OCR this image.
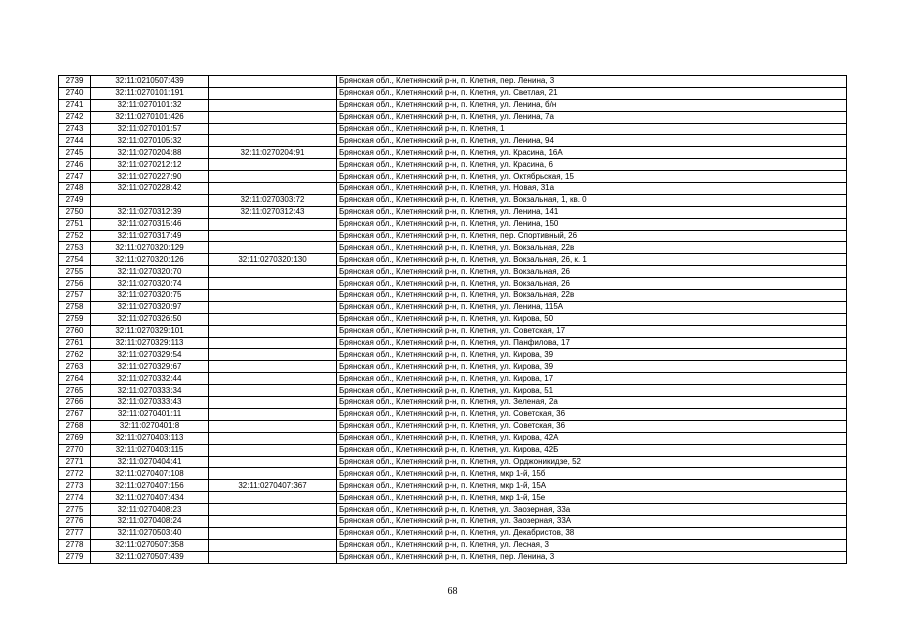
2739	32:11:0210507:439		Брянская обл., Клетнянский р-н, п. Клетня, пер. Ленина, 3
2740	32:11:0270101:191		Брянская обл., Клетнянский р-н, п. Клетня, ул. Светлая, 21
2741	32:11:0270101:32		Брянская обл., Клетнянский р-н, п. Клетня, ул. Ленина, б/н
2742	32:11:0270101:426		Брянская обл., Клетнянский р-н, п. Клетня, ул. Ленина, 7а
2743	32:11:0270101:57		Брянская обл., Клетнянский р-н, п. Клетня, 1
2744	32:11:0270105:32		Брянская обл., Клетнянский р-н, п. Клетня, ул. Ленина, 94
2745	32:11:0270204:88	32:11:0270204:91	Брянская обл., Клетнянский р-н, п. Клетня, ул. Красина, 16А
2746	32:11:0270212:12		Брянская обл., Клетнянский р-н, п. Клетня, ул. Красина, 6
2747	32:11:0270227:90		Брянская обл., Клетнянский р-н, п. Клетня, ул. Октябрьская, 15
2748	32:11:0270228:42		Брянская обл., Клетнянский р-н, п. Клетня, ул. Новая, 31а
2749		32:11:0270303:72	Брянская обл., Клетнянский р-н, п. Клетня, ул. Вокзальная, 1, кв. 0
2750	32:11:0270312:39	32:11:0270312:43	Брянская обл., Клетнянский р-н, п. Клетня, ул. Ленина, 141
2751	32:11:0270315:46		Брянская обл., Клетнянский р-н, п. Клетня, ул. Ленина, 150
2752	32:11:0270317:49		Брянская обл., Клетнянский р-н, п. Клетня, пер. Спортивный, 26
2753	32:11:0270320:129		Брянская обл., Клетнянский р-н, п. Клетня, ул. Вокзальная, 22в
2754	32:11:0270320:126	32:11:0270320:130	Брянская обл., Клетнянский р-н, п. Клетня, ул. Вокзальная, 26, к. 1
2755	32:11:0270320:70		Брянская обл., Клетнянский р-н, п. Клетня, ул. Вокзальная, 26
2756	32:11:0270320:74		Брянская обл., Клетнянский р-н, п. Клетня, ул. Вокзальная, 26
2757	32:11:0270320:75		Брянская обл., Клетнянский р-н, п. Клетня, ул. Вокзальная, 22в
2758	32:11:0270320:97		Брянская обл., Клетнянский р-н, п. Клетня, ул. Ленина, 115А
2759	32:11:0270326:50		Брянская обл., Клетнянский р-н, п. Клетня, ул. Кирова, 50
2760	32:11:0270329:101		Брянская обл., Клетнянский р-н, п. Клетня, ул. Советская, 17
2761	32:11:0270329:113		Брянская обл., Клетнянский р-н, п. Клетня, ул. Панфилова, 17
2762	32:11:0270329:54		Брянская обл., Клетнянский р-н, п. Клетня, ул. Кирова, 39
2763	32:11:0270329:67		Брянская обл., Клетнянский р-н, п. Клетня, ул. Кирова, 39
2764	32:11:0270332:44		Брянская обл., Клетнянский р-н, п. Клетня, ул. Кирова, 17
2765	32:11:0270333:34		Брянская обл., Клетнянский р-н, п. Клетня, ул. Кирова, 51
2766	32:11:0270333:43		Брянская обл., Клетнянский р-н, п. Клетня, ул. Зеленая, 2а
2767	32:11:0270401:11		Брянская обл., Клетнянский р-н, п. Клетня, ул. Советская, 36
2768	32:11:0270401:8		Брянская обл., Клетнянский р-н, п. Клетня, ул. Советская, 36
2769	32:11:0270403:113		Брянская обл., Клетнянский р-н, п. Клетня, ул. Кирова, 42А
2770	32:11:0270403:115		Брянская обл., Клетнянский р-н, п. Клетня, ул. Кирова, 42Б
2771	32:11:0270404:41		Брянская обл., Клетнянский р-н, п. Клетня, ул. Орджоникидзе, 52
2772	32:11:0270407:108		Брянская обл., Клетнянский р-н, п. Клетня, мкр 1-й, 15б
2773	32:11:0270407:156	32:11:0270407:367	Брянская обл., Клетнянский р-н, п. Клетня, мкр 1-й, 15А
2774	32:11:0270407:434		Брянская обл., Клетнянский р-н, п. Клетня, мкр 1-й, 15е
2775	32:11:0270408:23		Брянская обл., Клетнянский р-н, п. Клетня, ул. Заозерная, 33а
2776	32:11:0270408:24		Брянская обл., Клетнянский р-н, п. Клетня, ул. Заозерная, 33А
2777	32:11:0270503:40		Брянская обл., Клетнянский р-н, п. Клетня, ул. Декабристов, 38
2778	32:11:0270507:358		Брянская обл., Клетнянский р-н, п. Клетня, ул. Лесная, 3
2779	32:11:0270507:439		Брянская обл., Клетнянский р-н, п. Клетня, пер. Ленина, 3
68
